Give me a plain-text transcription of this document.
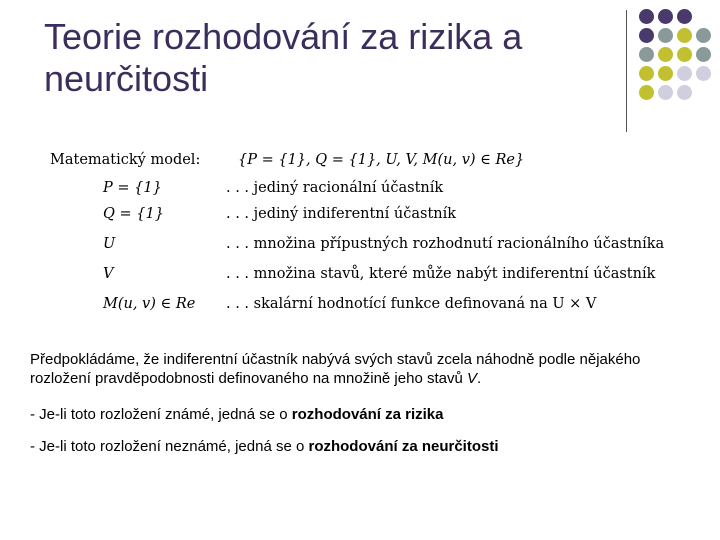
Teorie rozhodování za rizika a
neurčitosti
Matematický model:	{P = {1}, Q = {1}, U, V, M(u, v) ∈ Re}
P = {1}	. . . jediný racionální účastník
Q = {1}	. . . jediný indiferentní účastník
U	. . . množina přípustných rozhodnutí racionálního účastníka
V	. . . množina stavů, které může nabýt indiferentní účastník
M(u, v) ∈ Re . . . skalární hodnotící funkce definovaná na U × V
Předpokládáme, že indiferentní účastník nabývá svých stavů zcela náhodně podle nějakého rozložení pravděpodobnosti definovaného na množině jeho stavů V.
- Je-li toto rozložení známé, jedná se o rozhodování za rizika
- Je-li toto rozložení neznámé, jedná se o rozhodování za neurčitosti
